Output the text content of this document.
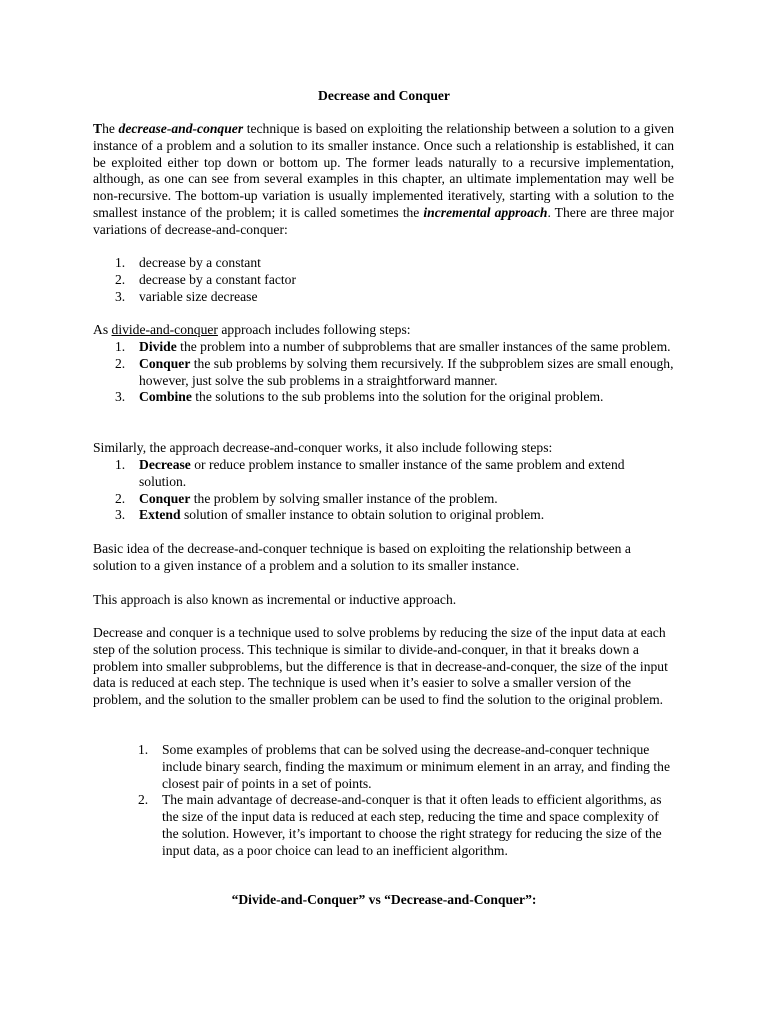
Decrease and Conquer
The decrease-and-conquer technique is based on exploiting the relationship between a solution to a given instance of a problem and a solution to its smaller instance. Once such a relationship is established, it can be exploited either top down or bottom up. The former leads naturally to a recursive implementation, although, as one can see from several examples in this chapter, an ultimate implementation may well be non-recursive. The bottom-up variation is usually implemented iteratively, starting with a solution to the smallest instance of the problem; it is called sometimes the incremental approach. There are three major variations of decrease-and-conquer:
1. decrease by a constant
2. decrease by a constant factor
3. variable size decrease
As divide-and-conquer approach includes following steps:
1. Divide the problem into a number of subproblems that are smaller instances of the same problem.
2. Conquer the sub problems by solving them recursively. If the subproblem sizes are small enough, however, just solve the sub problems in a straightforward manner.
3. Combine the solutions to the sub problems into the solution for the original problem.
Similarly, the approach decrease-and-conquer works, it also include following steps:
1. Decrease or reduce problem instance to smaller instance of the same problem and extend solution.
2. Conquer the problem by solving smaller instance of the problem.
3. Extend solution of smaller instance to obtain solution to original problem.
Basic idea of the decrease-and-conquer technique is based on exploiting the relationship between a solution to a given instance of a problem and a solution to its smaller instance.
This approach is also known as incremental or inductive approach.
Decrease and conquer is a technique used to solve problems by reducing the size of the input data at each step of the solution process. This technique is similar to divide-and-conquer, in that it breaks down a problem into smaller subproblems, but the difference is that in decrease-and-conquer, the size of the input data is reduced at each step. The technique is used when it’s easier to solve a smaller version of the problem, and the solution to the smaller problem can be used to find the solution to the original problem.
1. Some examples of problems that can be solved using the decrease-and-conquer technique include binary search, finding the maximum or minimum element in an array, and finding the closest pair of points in a set of points.
2. The main advantage of decrease-and-conquer is that it often leads to efficient algorithms, as the size of the input data is reduced at each step, reducing the time and space complexity of the solution. However, it’s important to choose the right strategy for reducing the size of the input data, as a poor choice can lead to an inefficient algorithm.
“Divide-and-Conquer” vs “Decrease-and-Conquer”:
